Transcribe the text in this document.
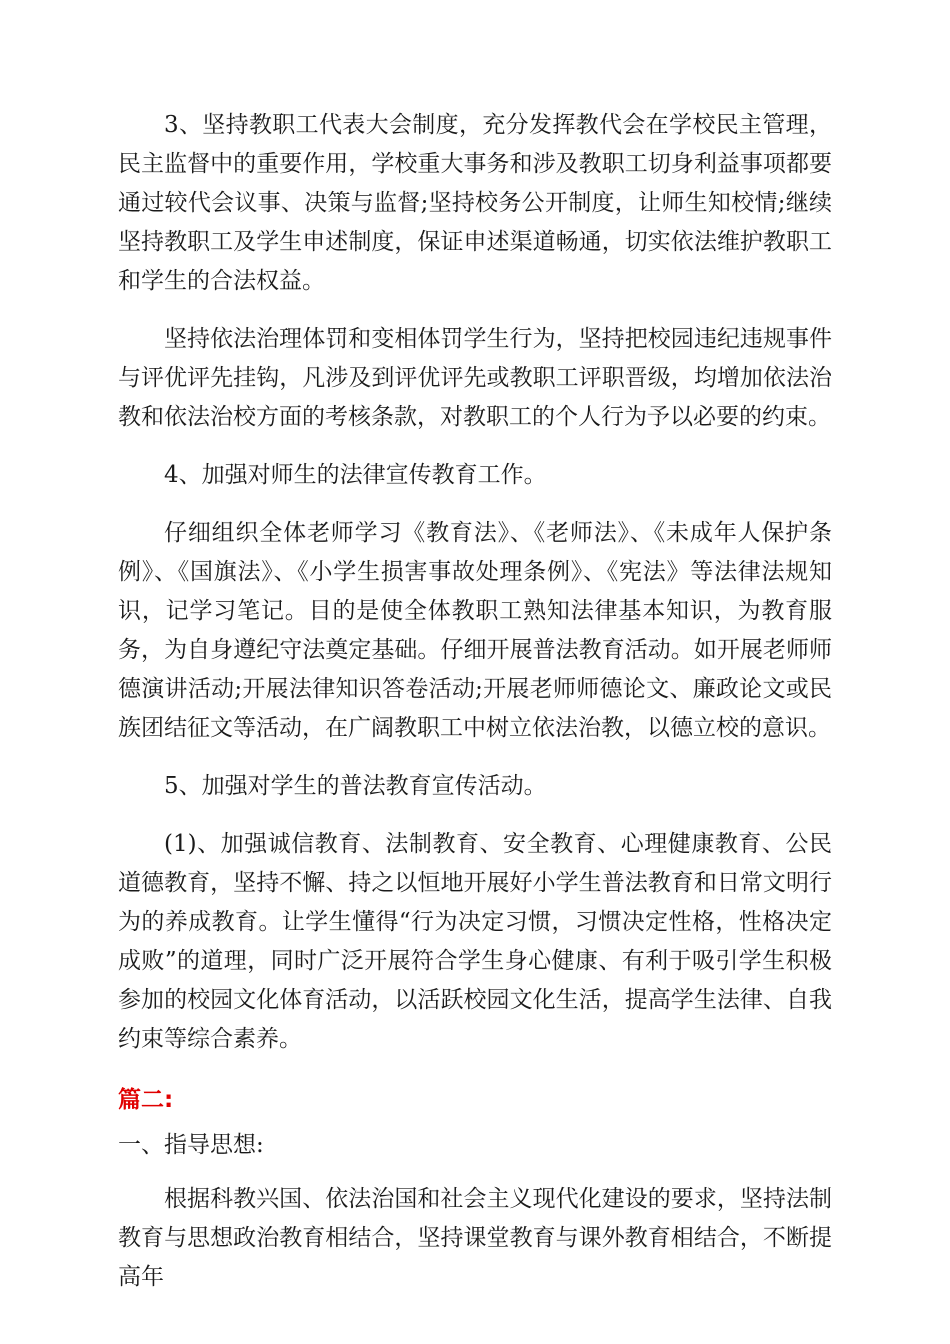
3、坚持教职工代表大会制度，充分发挥教代会在学校民主管理，民主监督中的重要作用，学校重大事务和涉及教职工切身利益事项都要通过较代会议事、决策与监督;坚持校务公开制度，让师生知校情;继续坚持教职工及学生申述制度，保证申述渠道畅通，切实依法维护教职工和学生的合法权益。

坚持依法治理体罚和变相体罚学生行为，坚持把校园违纪违规事件与评优评先挂钩，凡涉及到评优评先或教职工评职晋级，均增加依法治教和依法治校方面的考核条款，对教职工的个人行为予以必要的约束。

4、加强对师生的法律宣传教育工作。

仔细组织全体老师学习《教育法》、《老师法》、《未成年人保护条例》、《国旗法》、《小学生损害事故处理条例》、《宪法》等法律法规知识，记学习笔记。目的是使全体教职工熟知法律基本知识，为教育服务，为自身遵纪守法奠定基础。仔细开展普法教育活动。如开展老师师德演讲活动;开展法律知识答卷活动;开展老师师德论文、廉政论文或民族团结征文等活动，在广阔教职工中树立依法治教，以德立校的意识。

5、加强对学生的普法教育宣传活动。

(1)、加强诚信教育、法制教育、安全教育、心理健康教育、公民道德教育，坚持不懈、持之以恒地开展好小学生普法教育和日常文明行为的养成教育。让学生懂得“行为决定习惯，习惯决定性格，性格决定成败”的道理，同时广泛开展符合学生身心健康、有利于吸引学生积极参加的校园文化体育活动，以活跃校园文化生活，提高学生法律、自我约束等综合素养。

篇二:
一、指导思想:

根据科教兴国、依法治国和社会主义现代化建设的要求，坚持法制教育与思想政治教育相结合，坚持课堂教育与课外教育相结合，不断提高年
